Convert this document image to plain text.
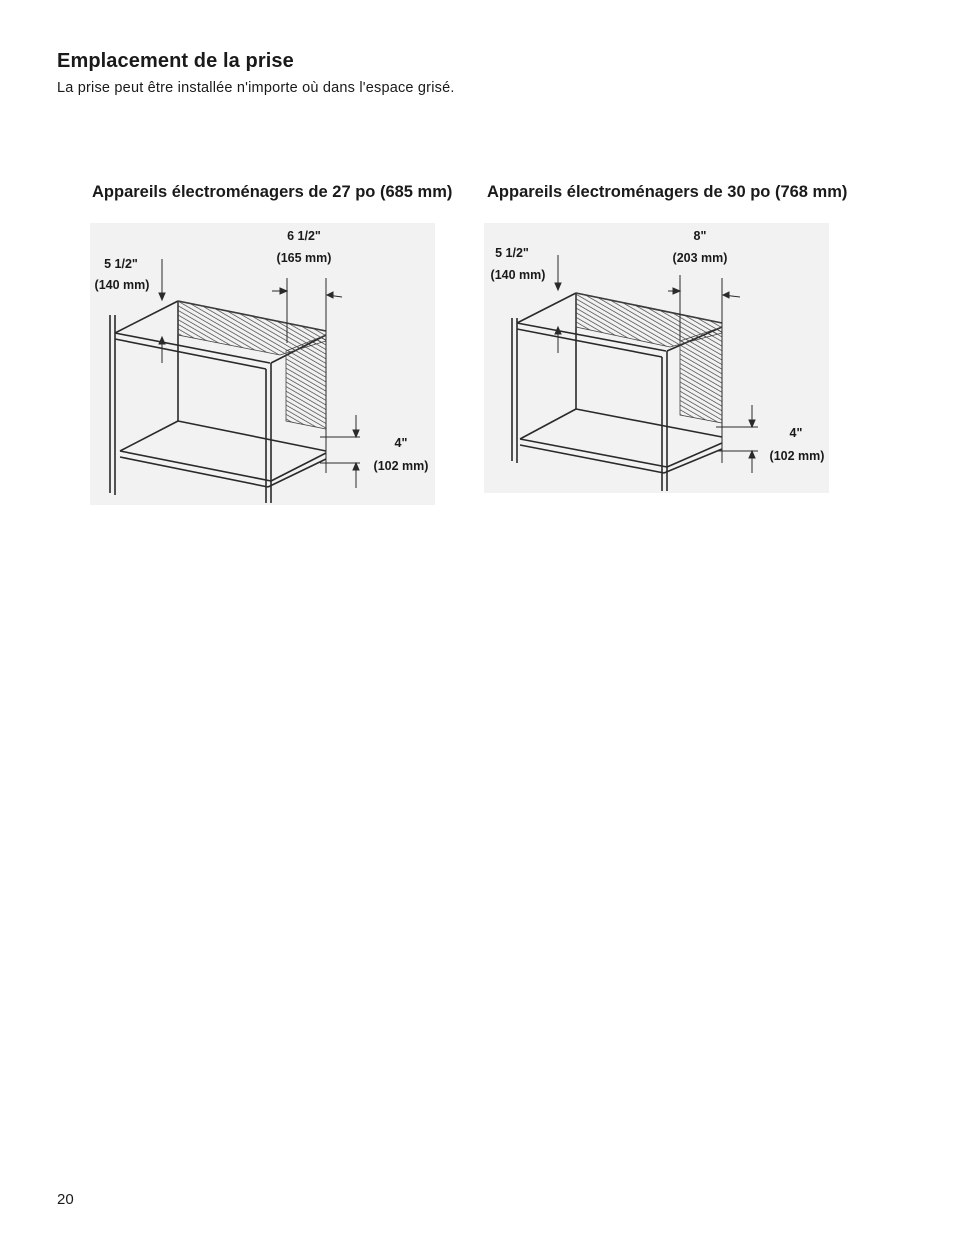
Emplacement de la prise

La prise peut être installée n'importe où dans l'espace grisé.

Appareils électroménagers de 27 po (685 mm) Appareils électroménagers de 30 po (768 mm)
5 1/2"
(140 mm)
6 1/2"
(165 mm)
4"
(102 mm)
5 1/2"
(140 mm)
8"
(203 mm)
4"
(102 mm)

20
